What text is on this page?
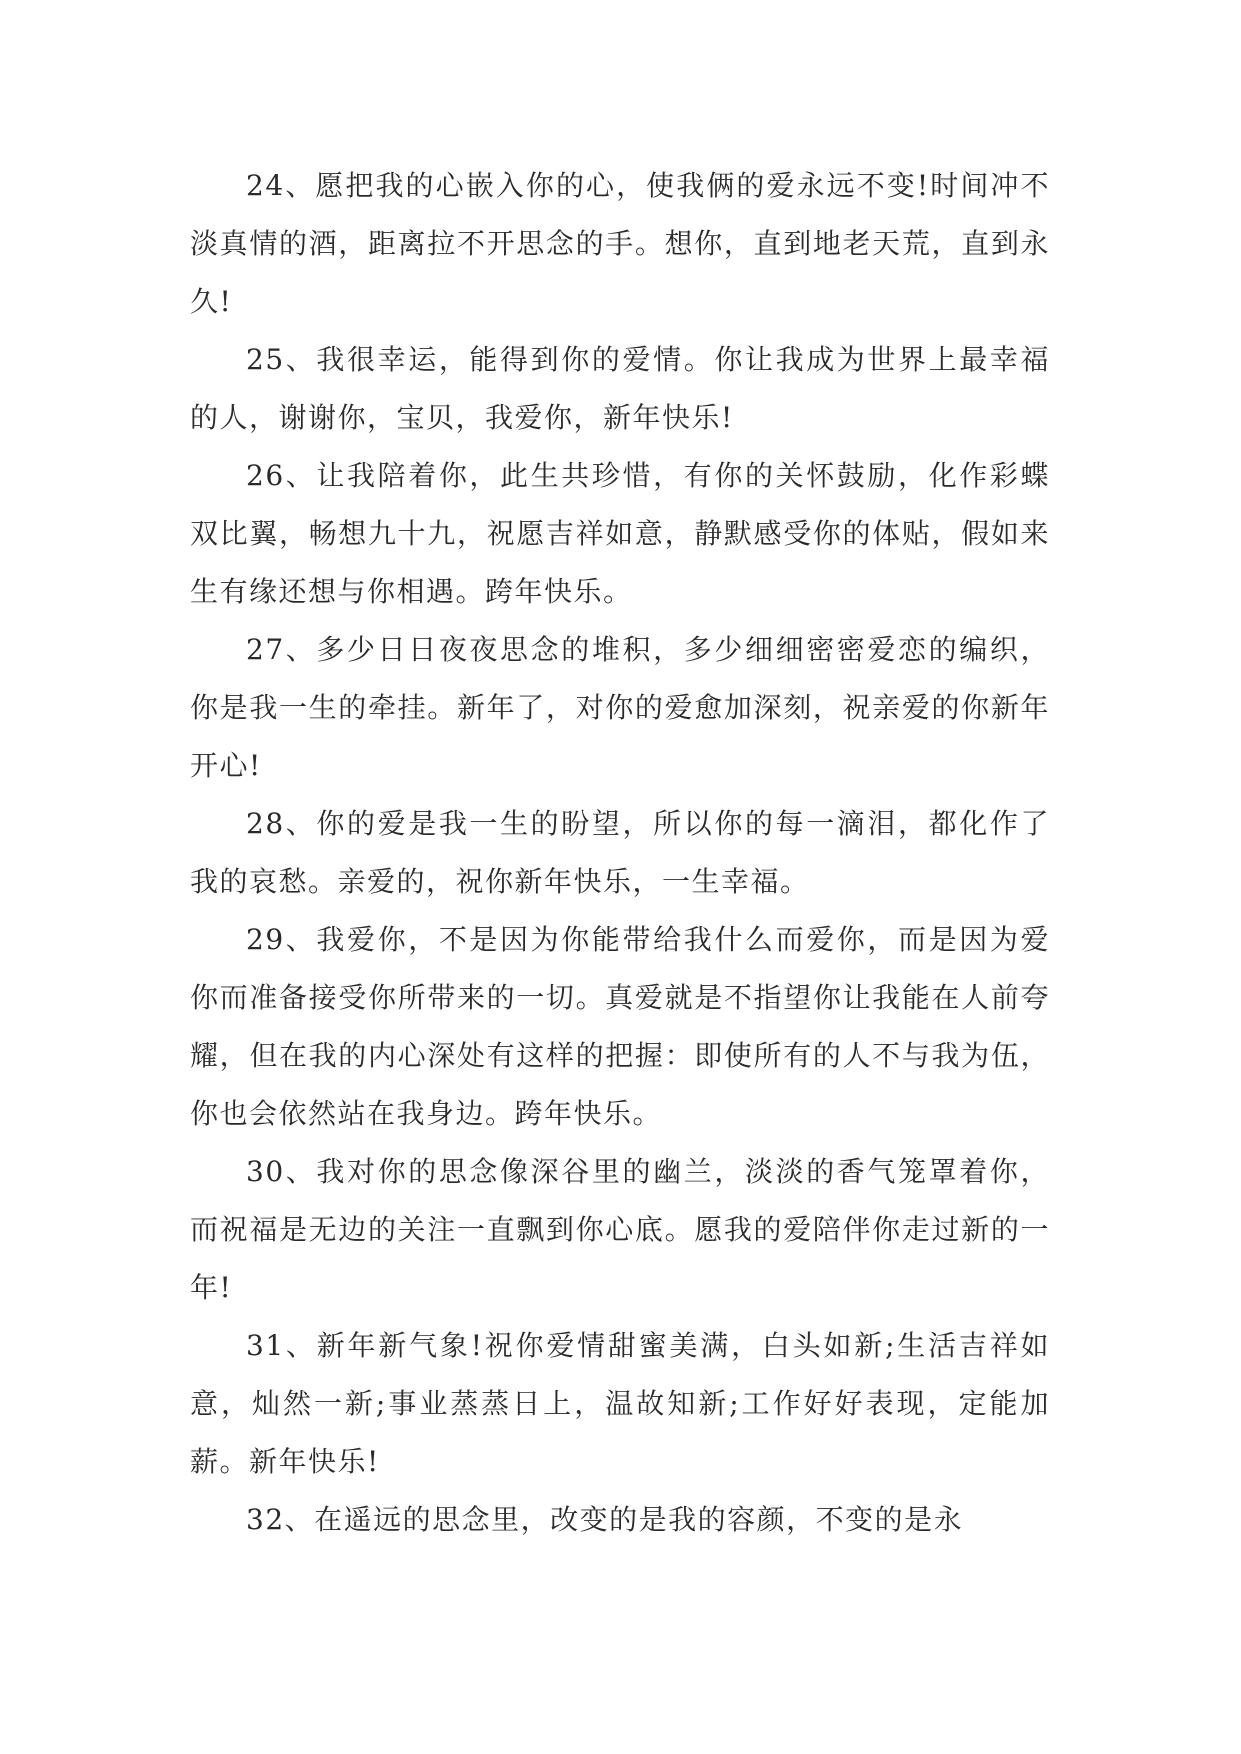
24、愿把我的心嵌入你的心，使我俩的爱永远不变!时间冲不淡真情的酒，距离拉不开思念的手。想你，直到地老天荒，直到永久!

25、我很幸运，能得到你的爱情。你让我成为世界上最幸福的人，谢谢你，宝贝，我爱你，新年快乐!

26、让我陪着你，此生共珍惜，有你的关怀鼓励，化作彩蝶双比翼，畅想九十九，祝愿吉祥如意，静默感受你的体贴，假如来生有缘还想与你相遇。跨年快乐。

27、多少日日夜夜思念的堆积，多少细细密密爱恋的编织，你是我一生的牵挂。新年了，对你的爱愈加深刻，祝亲爱的你新年开心!

28、你的爱是我一生的盼望，所以你的每一滴泪，都化作了我的哀愁。亲爱的，祝你新年快乐，一生幸福。

29、我爱你，不是因为你能带给我什么而爱你，而是因为爱你而准备接受你所带来的一切。真爱就是不指望你让我能在人前夸耀，但在我的内心深处有这样的把握：即使所有的人不与我为伍，你也会依然站在我身边。跨年快乐。

30、我对你的思念像深谷里的幽兰，淡淡的香气笼罩着你，而祝福是无边的关注一直飘到你心底。愿我的爱陪伴你走过新的一年!

31、新年新气象!祝你爱情甜蜜美满，白头如新;生活吉祥如意，灿然一新;事业蒸蒸日上，温故知新;工作好好表现，定能加薪。新年快乐!

32、在遥远的思念里，改变的是我的容颜，不变的是永
